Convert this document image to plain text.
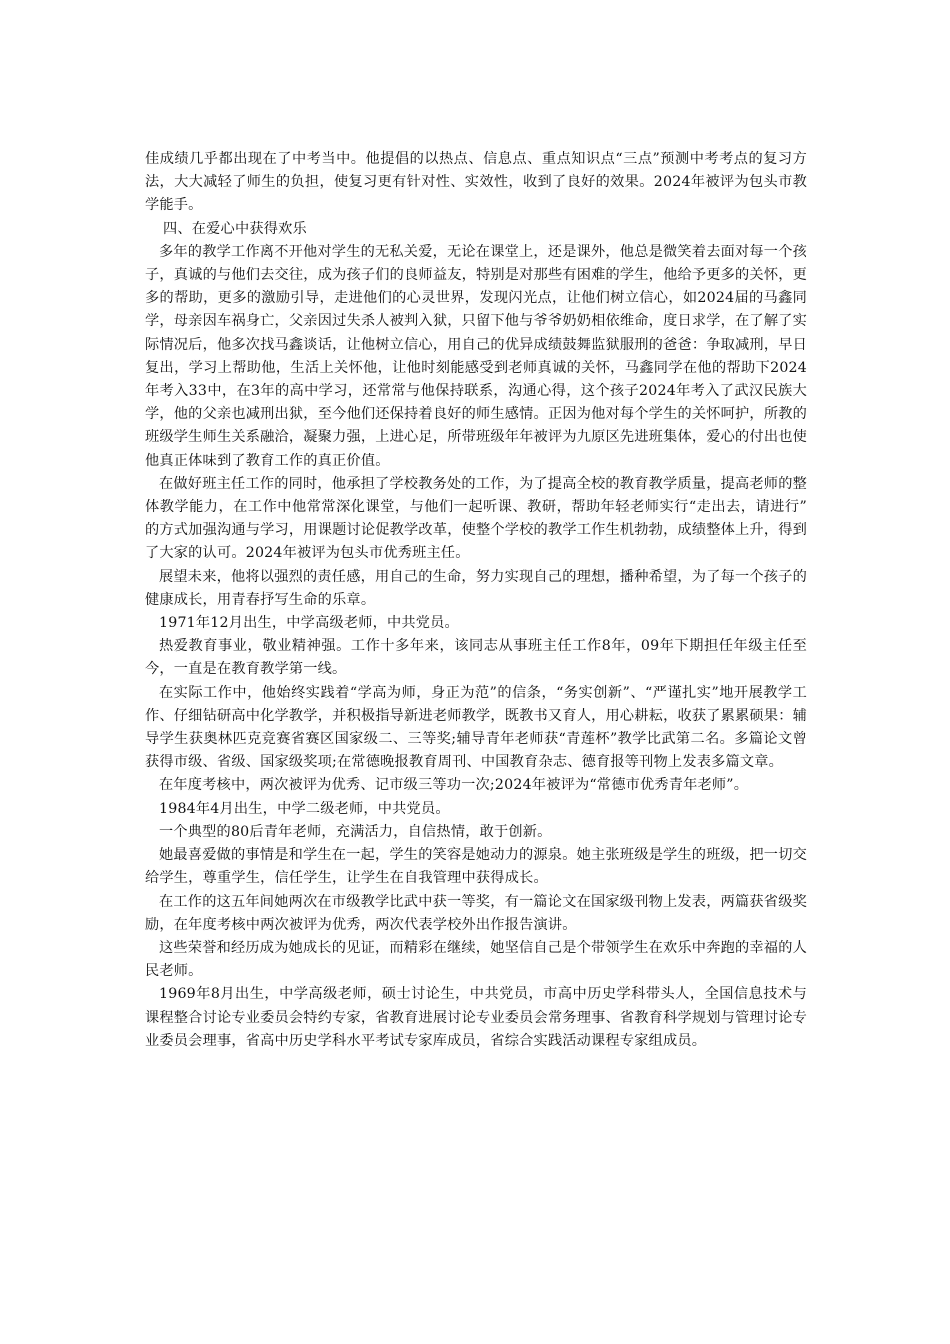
佳成绩几乎都出现在了中考当中。他提倡的以热点、信息点、重点知识点“三点”预测中考考点的复习方法，大大减轻了师生的负担，使复习更有针对性、实效性，收到了良好的效果。2024年被评为包头市教学能手。

四、在爱心中获得欢乐

多年的教学工作离不开他对学生的无私关爱，无论在课堂上，还是课外，他总是微笑着去面对每一个孩子，真诚的与他们去交往，成为孩子们的良师益友，特别是对那些有困难的学生，他给予更多的关怀，更多的帮助，更多的激励引导，走进他们的心灵世界，发现闪光点，让他们树立信心，如2024届的马鑫同学，母亲因车祸身亡，父亲因过失杀人被判入狱，只留下他与爷爷奶奶相依维命，度日求学，在了解了实际情况后，他多次找马鑫谈话，让他树立信心，用自己的优异成绩鼓舞监狱服刑的爸爸：争取减刑，早日复出，学习上帮助他，生活上关怀他，让他时刻能感受到老师真诚的关怀，马鑫同学在他的帮助下2024年考入33中，在3年的高中学习，还常常与他保持联系，沟通心得，这个孩子2024年考入了武汉民族大学，他的父亲也减刑出狱，至今他们还保持着良好的师生感情。正因为他对每个学生的关怀呵护，所教的班级学生师生关系融洽，凝聚力强，上进心足，所带班级年年被评为九原区先进班集体，爱心的付出也使他真正体味到了教育工作的真正价值。

在做好班主任工作的同时，他承担了学校教务处的工作，为了提高全校的教育教学质量，提高老师的整体教学能力，在工作中他常常深化课堂，与他们一起听课、教研，帮助年轻老师实行“走出去，请进行” 的方式加强沟通与学习，用课题讨论促教学改革，使整个学校的教学工作生机勃勃，成绩整体上升，得到了大家的认可。2024年被评为包头市优秀班主任。

展望未来，他将以强烈的责任感，用自己的生命，努力实现自己的理想，播种希望，为了每一个孩子的健康成长，用青春抒写生命的乐章。

1971年12月出生，中学高级老师，中共党员。

热爱教育事业，敬业精神强。工作十多年来，该同志从事班主任工作8年，09年下期担任年级主任至今，一直是在教育教学第一线。

在实际工作中，他始终实践着“学高为师，身正为范”的信条，“务实创新”、“严谨扎实”地开展教学工作、仔细钻研高中化学教学，并积极指导新进老师教学，既教书又育人，用心耕耘，收获了累累硕果：辅导学生获奥林匹克竞赛省赛区国家级二、三等奖;辅导青年老师获“青莲杯”教学比武第二名。多篇论文曾获得市级、省级、国家级奖项;在常德晚报教育周刊、中国教育杂志、德育报等刊物上发表多篇文章。

在年度考核中，两次被评为优秀、记市级三等功一次;2024年被评为“常德市优秀青年老师”。

1984年4月出生，中学二级老师，中共党员。

一个典型的80后青年老师，充满活力，自信热情，敢于创新。

她最喜爱做的事情是和学生在一起，学生的笑容是她动力的源泉。她主张班级是学生的班级，把一切交给学生，尊重学生，信任学生，让学生在自我管理中获得成长。

在工作的这五年间她两次在市级教学比武中获一等奖，有一篇论文在国家级刊物上发表，两篇获省级奖励，在年度考核中两次被评为优秀，两次代表学校外出作报告演讲。

这些荣誉和经历成为她成长的见证，而精彩在继续，她坚信自己是个带领学生在欢乐中奔跑的幸福的人民老师。

1969年8月出生，中学高级老师，硕士讨论生，中共党员，市高中历史学科带头人，全国信息技术与课程整合讨论专业委员会特约专家，省教育进展讨论专业委员会常务理事、省教育科学规划与管理讨论专业委员会理事，省高中历史学科水平考试专家库成员，省综合实践活动课程专家组成员。
